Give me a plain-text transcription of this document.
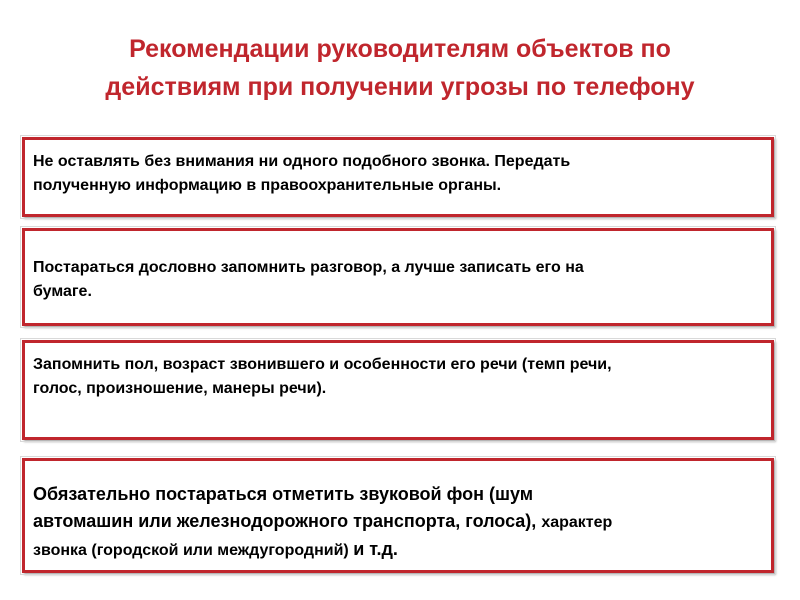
Рекомендации руководителям объектов по
действиям при получении угрозы по телефону

Не оставлять без внимания ни одного подобного звонка. Передать
полученную информацию в правоохранительные органы.

Постараться дословно запомнить разговор, а лучше записать его на
бумаге.

Запомнить пол, возраст звонившего и особенности его речи (темп речи,
голос, произношение, манеры речи).

Обязательно постараться отметить звуковой фон (шум
автомашин или железнодорожного транспорта, голоса), характер
звонка (городской или междугородний) и т.д.
